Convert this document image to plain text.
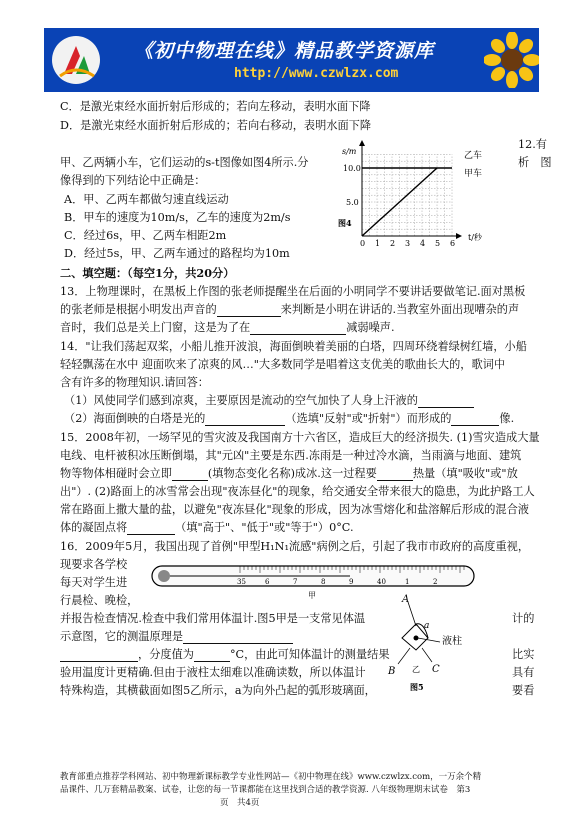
《初中物理在线》精品教学资源库
http://www.czwlzx.com
C．是激光束经水面折射后形成的；若向左移动，表明水面下降
D．是激光束经水面折射后形成的；若向右移动，表明水面下降
12.有
甲、乙两辆小车，它们运动的s-t图像如图4所示.分	析　图
像得到的下列结论中正确是：
A．甲、乙两车都做匀速直线运动
B．甲车的速度为10m/s，乙车的速度为2m/s
C．经过6s，甲、乙两车相距2m
D．经过5s，甲、乙两车通过的路程均为10m
s/m
t/秒
10.0
5.0
0 1 2 3 4 5 6
乙车
甲车
图4
二、填空题：（每空1分，共20分）
13．上物理课时，在黑板上作图的张老师提醒坐在后面的小明同学不要讲话要做笔记.面对黑板
的张老师是根据小明发出声音的	来判断是小明在讲话的.当教室外面出现嘈杂的声
音时，我们总是关上门窗，这是为了在	减弱噪声.
14．"让我们荡起双桨，小船儿推开波浪，海面倒映着美丽的白塔，四周环绕着绿树红墙，小船
轻轻飘荡在水中 迎面吹来了凉爽的风…"大多数同学是唱着这支优美的歌曲长大的，歌词中
含有许多的物理知识.请回答：
（1）风使同学们感到凉爽，主要原因是流动的空气加快了人身上汗液的
（2）海面倒映的白塔是光的	（选填"反射"或"折射"）而形成的	像.
15．2008年初，一场罕见的雪灾波及我国南方十六省区，造成巨大的经济损失. (1)雪灾造成大量
电线、电杆被积冰压断倒塌，其"元凶"主要是东西.冻雨是一种过冷水滴，当雨滴与地面、建筑
物等物体相碰时会立即	(填物态变化名称)成冰.这一过程要	热量（填"吸收"或"放
出"）. (2)路面上的冰雪常会出现"夜冻昼化"的现象，给交通安全带来很大的隐患，为此护路工人
常在路面上撒大量的盐，以避免"夜冻昼化"现象的形成，因为冰雪熔化和盐溶解后形成的混合液
体的凝固点将	（填"高于"、"低于"或"等于"）0°C.
16．2009年5月，我国出现了首例"甲型H₁N₁流感"病例之后，引起了我市市政府的高度重视，
现要求各学校
每天对学生进
行晨检、晚检，
35	6	7	8	9	40	1	2
甲
并报告检查情况.检查中我们常用体温计.图5甲是一支常见体温	计的
示意图，它的测温原理是
，分度值为	°C，由此可知体温计的测量结果	比实
验用温度计更精确.但由于液柱太细难以准确读数，所以体温计	具有
特殊构造，其横截面如图5乙所示，a为向外凸起的弧形玻璃面，	要看
A
a
液柱
B	C
乙
图5
教育部重点推荐学科网站、初中物理新课标教学专业性网站—《初中物理在线》www.czwlzx.com，一万余个精
品课件、几万套精品教案、试卷，让您的每一节课都能在这里找到合适的教学资源. 八年级物理期末试卷　第3
页　共4页
